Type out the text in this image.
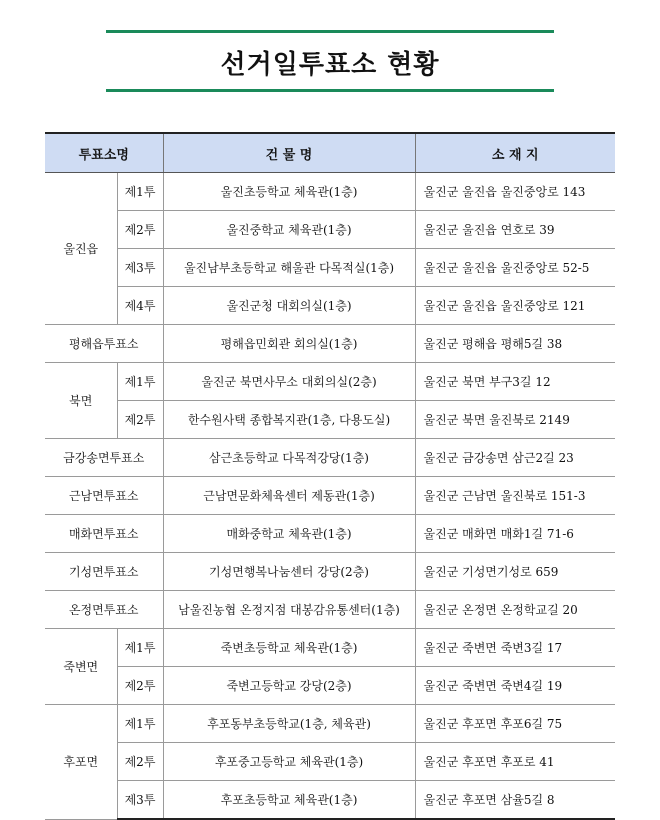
선거일투표소 현황
투표소명		건 물 명	소 재 지
울진읍	제1투	울진초등학교 체육관(1층)	울진군 울진읍 울진중앙로 143
	제2투	울진중학교 체육관(1층)	울진군 울진읍 연호로 39
	제3투	울진남부초등학교 해울관 다목적실(1층)	울진군 울진읍 울진중앙로 52-5
	제4투	울진군청 대회의실(1층)	울진군 울진읍 울진중앙로 121
평해읍투표소		평해읍민회관 회의실(1층)	울진군 평해읍 평해5길 38
북면	제1투	울진군 북면사무소 대회의실(2층)	울진군 북면 부구3길 12
	제2투	한수원사택 종합복지관(1층, 다용도실)	울진군 북면 울진북로 2149
금강송면투표소		삼근초등학교 다목적강당(1층)	울진군 금강송면 삼근2길 23
근남면투표소		근남면문화체육센터 제동관(1층)	울진군 근남면 울진북로 151-3
매화면투표소		매화중학교 체육관(1층)	울진군 매화면 매화1길 71-6
기성면투표소		기성면행복나눔센터 강당(2층)	울진군 기성면기성로 659
온정면투표소		남울진농협 온정지점 대봉감유통센터(1층)	울진군 온정면 온정학교길 20
죽변면	제1투	죽변초등학교 체육관(1층)	울진군 죽변면 죽변3길 17
	제2투	죽변고등학교 강당(2층)	울진군 죽변면 죽변4길 19
후포면	제1투	후포동부초등학교(1층, 체육관)	울진군 후포면 후포6길 75
	제2투	후포중고등학교 체육관(1층)	울진군 후포면 후포로 41
	제3투	후포초등학교 체육관(1층)	울진군 후포면 삼율5길 8
